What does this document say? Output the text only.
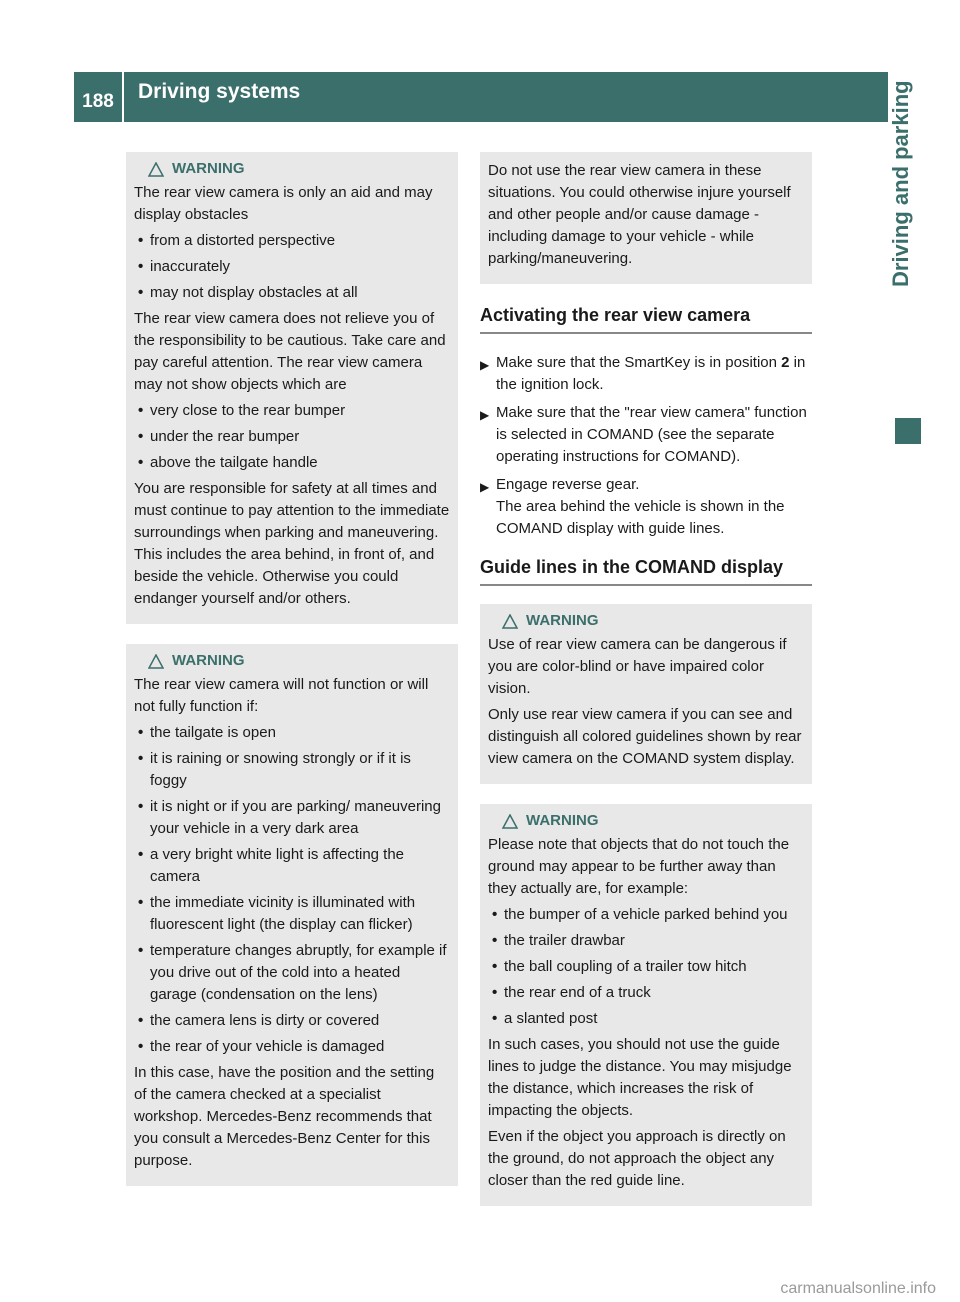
188	Driving systems	Driving and parking
WARNING

The rear view camera is only an aid and may display obstacles

• from a distorted perspective
• inaccurately
• may not display obstacles at all

The rear view camera does not relieve you of the responsibility to be cautious. Take care and pay careful attention. The rear view camera may not show objects which are

• very close to the rear bumper
• under the rear bumper
• above the tailgate handle

You are responsible for safety at all times and must continue to pay attention to the immediate surroundings when parking and maneuvering. This includes the area behind, in front of, and beside the vehicle. Otherwise you could endanger yourself and/or others.

WARNING

The rear view camera will not function or will not fully function if:

• the tailgate is open
• it is raining or snowing strongly or if it is foggy
• it is night or if you are parking/ maneuvering your vehicle in a very dark area
• a very bright white light is affecting the camera
• the immediate vicinity is illuminated with fluorescent light (the display can flicker)
• temperature changes abruptly, for example if you drive out of the cold into a heated garage (condensation on the lens)
• the camera lens is dirty or covered
• the rear of your vehicle is damaged

In this case, have the position and the setting of the camera checked at a specialist workshop. Mercedes-Benz recommends that you consult a Mercedes-Benz Center for this purpose.

Do not use the rear view camera in these situations. You could otherwise injure yourself and other people and/or cause damage - including damage to your vehicle - while parking/maneuvering.

Activating the rear view camera
▶ Make sure that the SmartKey is in position 2 in the ignition lock.
▶ Make sure that the "rear view camera" function is selected in COMAND (see the separate operating instructions for COMAND).
▶ Engage reverse gear.
The area behind the vehicle is shown in the COMAND display with guide lines.
Guide lines in the COMAND display
WARNING

Use of rear view camera can be dangerous if you are color-blind or have impaired color vision.

Only use rear view camera if you can see and distinguish all colored guidelines shown by rear view camera on the COMAND system display.

WARNING

Please note that objects that do not touch the ground may appear to be further away than they actually are, for example:

• the bumper of a vehicle parked behind you
• the trailer drawbar
• the ball coupling of a trailer tow hitch
• the rear end of a truck
• a slanted post

In such cases, you should not use the guide lines to judge the distance. You may misjudge the distance, which increases the risk of impacting the objects.

Even if the object you approach is directly on the ground, do not approach the object any closer than the red guide line.

carmanualsonline.info
